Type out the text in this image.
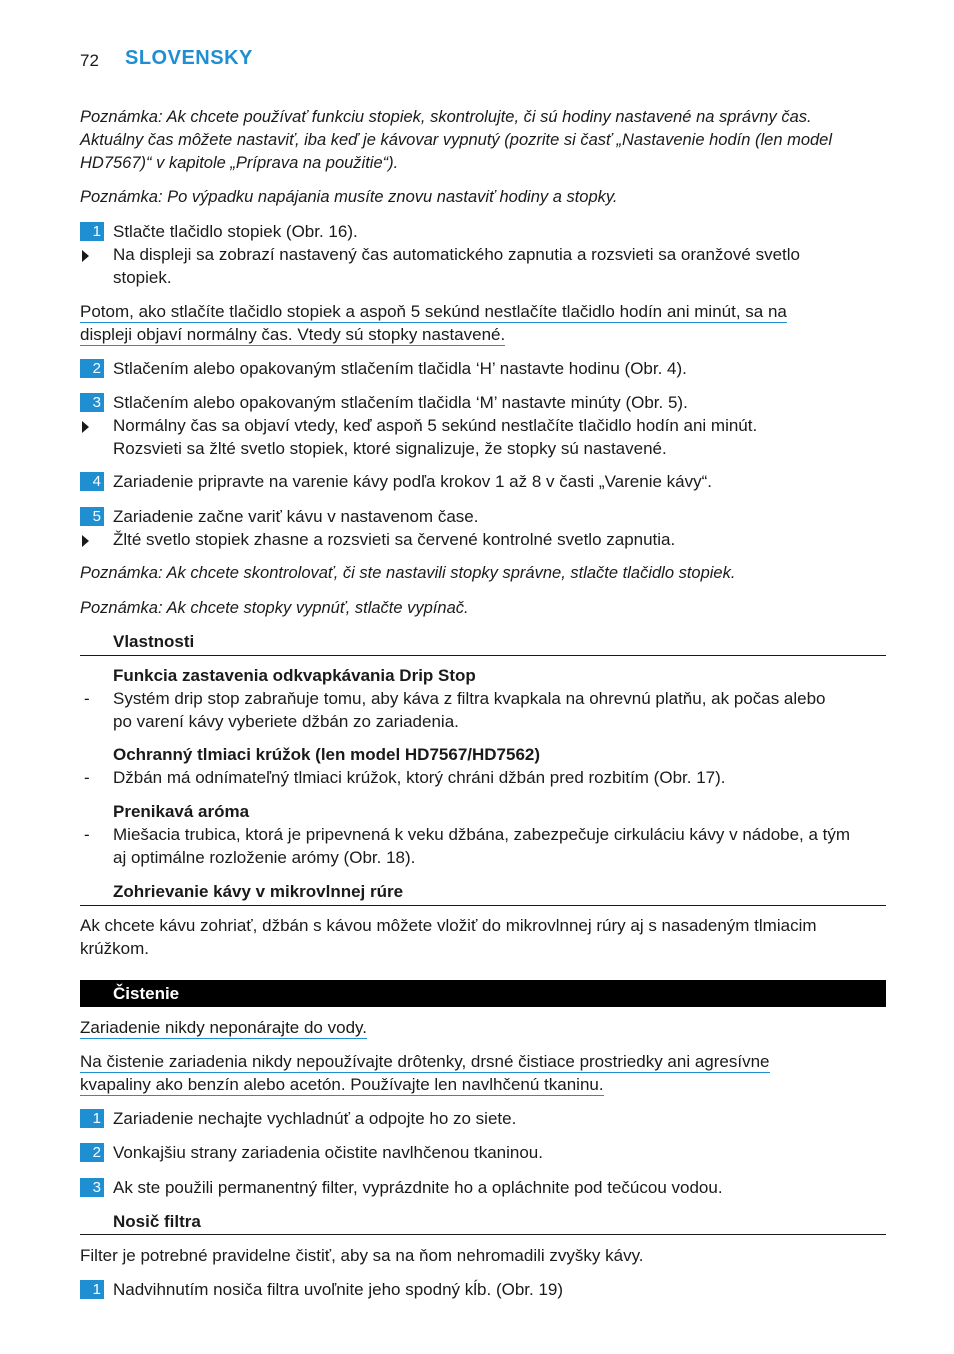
72 SLOVENSKY
Poznámka: Ak chcete používať funkciu stopiek, skontrolujte, či sú hodiny nastavené na správny čas.
Aktuálny čas môžete nastaviť, iba keď je kávovar vypnutý (pozrite si časť „Nastavenie hodín (len model
HD7567)“ v kapitole „Príprava na použitie“).
Poznámka: Po výpadku napájania musíte znovu nastaviť hodiny a stopky.
1 Stlačte tlačidlo stopiek (Obr. 16).
Na displeji sa zobrazí nastavený čas automatického zapnutia a rozsvieti sa oranžové svetlo
stopiek.
Potom, ako stlačíte tlačidlo stopiek a aspoň 5 sekúnd nestlačíte tlačidlo hodín ani minút, sa na
displeji objaví normálny čas. Vtedy sú stopky nastavené.
2 Stlačením alebo opakovaným stlačením tlačidla ‘H’ nastavte hodinu (Obr. 4).
3 Stlačením alebo opakovaným stlačením tlačidla ‘M’ nastavte minúty (Obr. 5).
Normálny čas sa objaví vtedy, keď aspoň 5 sekúnd nestlačíte tlačidlo hodín ani minút.
Rozsvieti sa žlté svetlo stopiek, ktoré signalizuje, že stopky sú nastavené.
4 Zariadenie pripravte na varenie kávy podľa krokov 1 až 8 v časti „Varenie kávy“.
5 Zariadenie začne variť kávu v nastavenom čase.
Žlté svetlo stopiek zhasne a rozsvieti sa červené kontrolné svetlo zapnutia.
Poznámka: Ak chcete skontrolovať, či ste nastavili stopky správne, stlačte tlačidlo stopiek.
Poznámka: Ak chcete stopky vypnúť, stlačte vypínač.
Vlastnosti
Funkcia zastavenia odkvapkávania Drip Stop
- Systém drip stop zabraňuje tomu, aby káva z filtra kvapkala na ohrevnú platňu, ak počas alebo
po varení kávy vyberiete džbán zo zariadenia.
Ochranný tlmiaci krúžok (len model HD7567/HD7562)
- Džbán má odnímateľný tlmiaci krúžok, ktorý chráni džbán pred rozbitím (Obr. 17).
Prenikavá aróma
- Miešacia trubica, ktorá je pripevnená k veku džbána, zabezpečuje cirkuláciu kávy v nádobe, a tým
aj optimálne rozloženie arómy (Obr. 18).
Zohrievanie kávy v mikrovlnnej rúre
Ak chcete kávu zohriať, džbán s kávou môžete vložiť do mikrovlnnej rúry aj s nasadeným tlmiacim
krúžkom.
Čistenie
Zariadenie nikdy neponárajte do vody.
Na čistenie zariadenia nikdy nepoužívajte drôtenky, drsné čistiace prostriedky ani agresívne
kvapaliny ako benzín alebo acetón. Používajte len navlhčenú tkaninu.
1 Zariadenie nechajte vychladnúť a odpojte ho zo siete.
2 Vonkajšiu strany zariadenia očistite navlhčenou tkaninou.
3 Ak ste použili permanentný filter, vyprázdnite ho a opláchnite pod tečúcou vodou.
Nosič filtra
Filter je potrebné pravidelne čistiť, aby sa na ňom nehromadili zvyšky kávy.
1 Nadvihnutím nosiča filtra uvoľnite jeho spodný kĺb. (Obr. 19)
